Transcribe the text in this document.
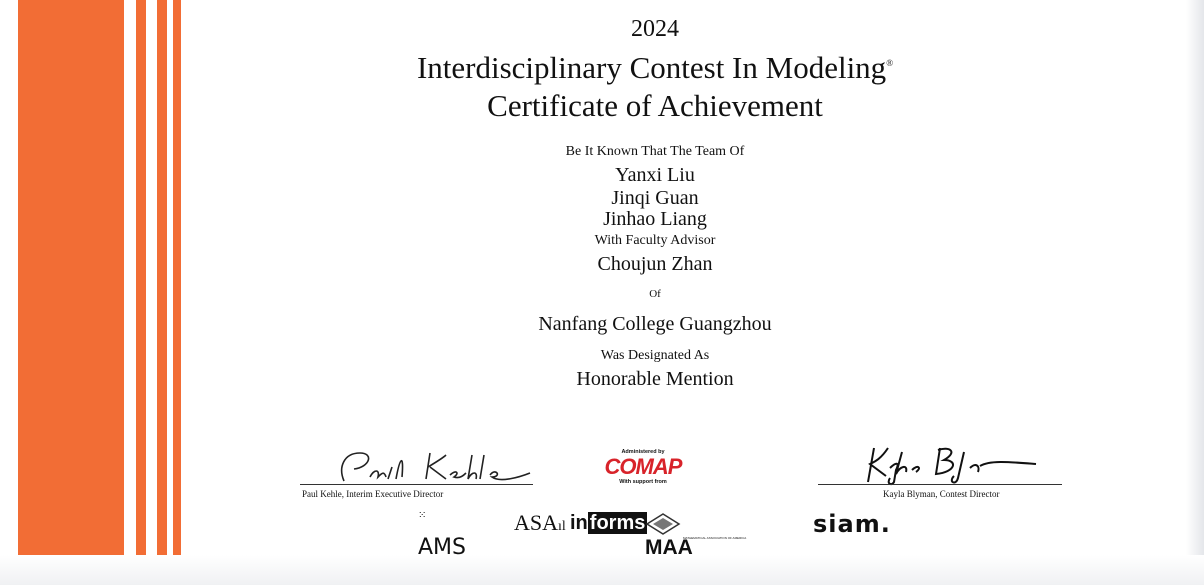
2024
Interdisciplinary Contest In Modeling®
Certificate of Achievement
Be It Known That The Team Of
Yanxi Liu
Jinqi Guan
Jinhao Liang
With Faculty Advisor
Choujun Zhan
Of
Nanfang College Guangzhou
Was Designated As
Honorable Mention
Paul Kehle, Interim Executive Director	Kayla Blyman, Contest Director
Administered by
COMAP
With support from
⁙AMS
ASAıl in forms
MAA
MATHEMATICAL ASSOCIATION OF AMERICA	siam.
